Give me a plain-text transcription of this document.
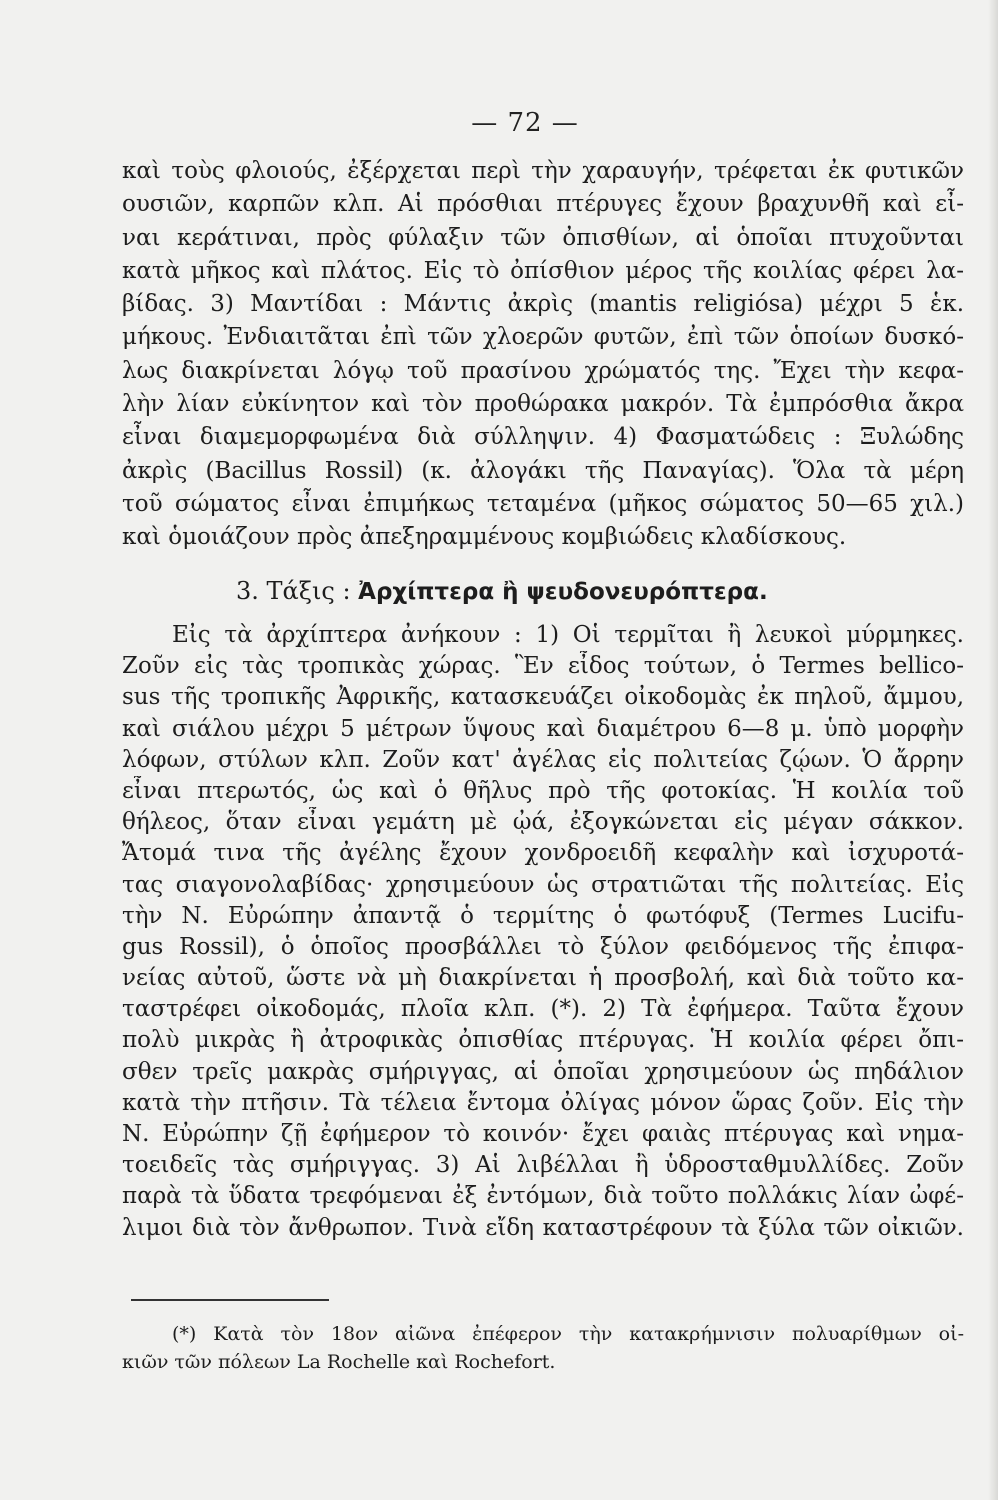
— 72 —
καὶ τοὺς φλοιούς, ἐξέρχεται περὶ τὴν χαραυγήν, τρέφεται ἐκ φυτικῶν
ουσιῶν, καρπῶν κλπ. Αἱ πρόσθιαι πτέρυγες ἔχουν βραχυνθῆ καὶ εἶ-
ναι κεράτιναι, πρὸς φύλαξιν τῶν ὀπισθίων, αἱ ὁποῖαι πτυχοῦνται
κατὰ μῆκος καὶ πλάτος. Εἰς τὸ ὀπίσθιον μέρος τῆς κοιλίας φέρει λα-
βίδας. 3) Μαντίδαι : Μάντις ἀκρὶς (mantis religiósa) μέχρι 5 ἑκ.
μήκους. Ἐνδιαιτᾶται ἐπὶ τῶν χλοερῶν φυτῶν, ἐπὶ τῶν ὁποίων δυσκό-
λως διακρίνεται λόγῳ τοῦ πρασίνου χρώματός της. Ἔχει τὴν κεφα-
λὴν λίαν εὐκίνητον καὶ τὸν προθώρακα μακρόν. Τὰ ἐμπρόσθια ἄκρα
εἶναι διαμεμορφωμένα διὰ σύλληψιν. 4) Φασματώδεις : Ξυλώδης
ἀκρὶς (Bacillus Rossil) (κ. ἀλογάκι τῆς Παναγίας). Ὅλα τὰ μέρη
τοῦ σώματος εἶναι ἐπιμήκως τεταμένα (μῆκος σώματος 50—65 χιλ.)
καὶ ὁμοιάζουν πρὸς ἀπεξηραμμένους κομβιώδεις κλαδίσκους.
3. Τάξις : Ἀρχίπτερα ἢ ψευδονευρόπτερα.
Εἰς τὰ ἀρχίπτερα ἀνήκουν : 1) Οἱ τερμῖται ἢ λευκοὶ μύρμηκες.
Ζοῦν εἰς τὰς τροπικὰς χώρας. Ἓν εἶδος τούτων, ὁ Termes bellico-
sus τῆς τροπικῆς Ἀφρικῆς, κατασκευάζει οἰκοδομὰς ἐκ πηλοῦ, ἄμμου,
καὶ σιάλου μέχρι 5 μέτρων ὕψους καὶ διαμέτρου 6—8 μ. ὑπὸ μορφὴν
λόφων, στύλων κλπ. Ζοῦν κατ' ἀγέλας εἰς πολιτείας ζῴων. Ὁ ἄρρην
εἶναι πτερωτός, ὡς καὶ ὁ θῆλυς πρὸ τῆς φοτοκίας. Ἡ κοιλία τοῦ
θήλεος, ὅταν εἶναι γεμάτη μὲ ᾠά, ἐξογκώνεται εἰς μέγαν σάκκον.
Ἄτομά τινα τῆς ἀγέλης ἔχουν χονδροειδῆ κεφαλὴν καὶ ἰσχυροτά-
τας σιαγονολαβίδας· χρησιμεύουν ὡς στρατιῶται τῆς πολιτείας. Εἰς
τὴν Ν. Εὐρώπην ἀπαντᾷ ὁ τερμίτης ὁ φωτόφυξ (Termes Lucifu-
gus Rossil), ὁ ὁποῖος προσβάλλει τὸ ξύλον φειδόμενος τῆς ἐπιφα-
νείας αὐτοῦ, ὥστε νὰ μὴ διακρίνεται ἡ προσβολή, καὶ διὰ τοῦτο κα-
ταστρέφει οἰκοδομάς, πλοῖα κλπ. (*). 2) Τὰ ἐφήμερα. Ταῦτα ἔχουν
πολὺ μικρὰς ἢ ἀτροφικὰς ὀπισθίας πτέρυγας. Ἡ κοιλία φέρει ὄπι-
σθεν τρεῖς μακρὰς σμήριγγας, αἱ ὁποῖαι χρησιμεύουν ὡς πηδάλιον
κατὰ τὴν πτῆσιν. Τὰ τέλεια ἔντομα ὀλίγας μόνον ὥρας ζοῦν. Εἰς τὴν
Ν. Εὐρώπην ζῇ ἐφήμερον τὸ κοινόν· ἔχει φαιὰς πτέρυγας καὶ νημα-
τοειδεῖς τὰς σμήριγγας. 3) Αἱ λιβέλλαι ἢ ὑδροσταθμυλλίδες. Ζοῦν
παρὰ τὰ ὕδατα τρεφόμεναι ἐξ ἐντόμων, διὰ τοῦτο πολλάκις λίαν ὠφέ-
λιμοι διὰ τὸν ἄνθρωπον. Τινὰ εἴδη καταστρέφουν τὰ ξύλα τῶν οἰκιῶν.
(*) Κατὰ τὸν 18ον αἰῶνα ἐπέφερον τὴν κατακρήμνισιν πολυαρίθμων οἰ-
κιῶν τῶν πόλεων La Rochelle καὶ Rochefort.
